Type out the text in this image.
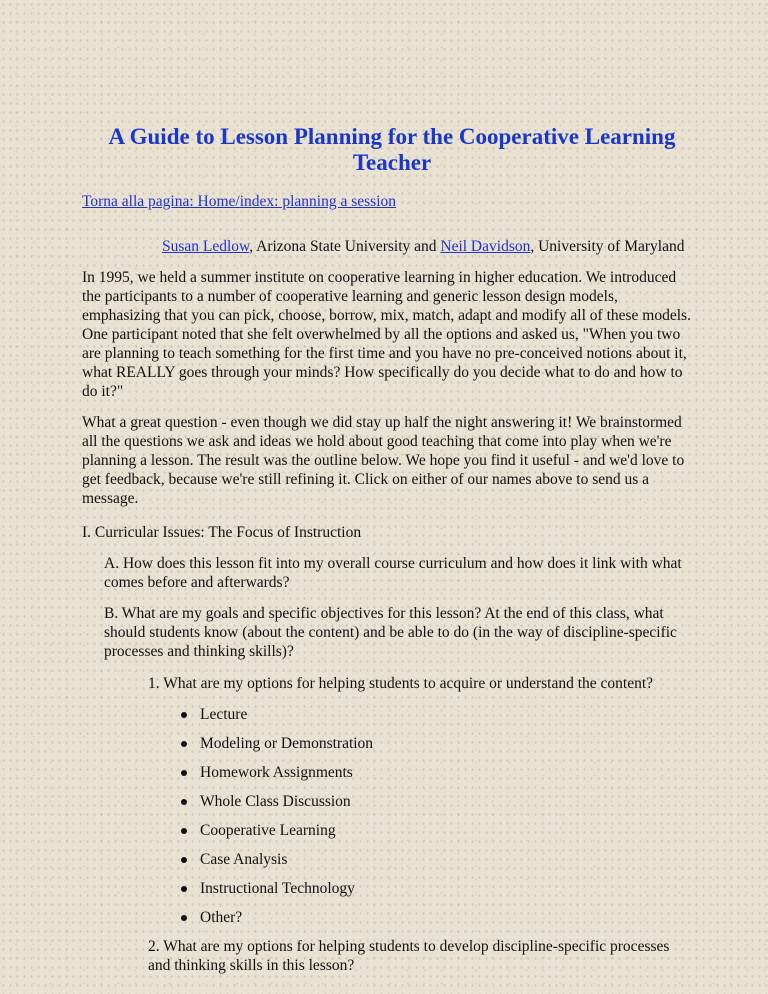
A Guide to Lesson Planning for the Cooperative Learning Teacher
Torna alla pagina: Home/index: planning a session
Susan Ledlow, Arizona State University and Neil Davidson, University of Maryland

In 1995, we held a summer institute on cooperative learning in higher education. We introduced the participants to a number of cooperative learning and generic lesson design models, emphasizing that you can pick, choose, borrow, mix, match, adapt and modify all of these models. One participant noted that she felt overwhelmed by all the options and asked us, "When you two are planning to teach something for the first time and you have no pre-conceived notions about it, what REALLY goes through your minds? How specifically do you decide what to do and how to do it?"

What a great question - even though we did stay up half the night answering it! We brainstormed all the questions we ask and ideas we hold about good teaching that come into play when we're planning a lesson. The result was the outline below. We hope you find it useful - and we'd love to get feedback, because we're still refining it. Click on either of our names above to send us a message.

I. Curricular Issues: The Focus of Instruction
A. How does this lesson fit into my overall course curriculum and how does it link with what comes before and afterwards?
B. What are my goals and specific objectives for this lesson? At the end of this class, what should students know (about the content) and be able to do (in the way of discipline-specific processes and thinking skills)?
1. What are my options for helping students to acquire or understand the content?
Lecture
Modeling or Demonstration
Homework Assignments
Whole Class Discussion
Cooperative Learning
Case Analysis
Instructional Technology
Other?
2. What are my options for helping students to develop discipline-specific processes and thinking skills in this lesson?
